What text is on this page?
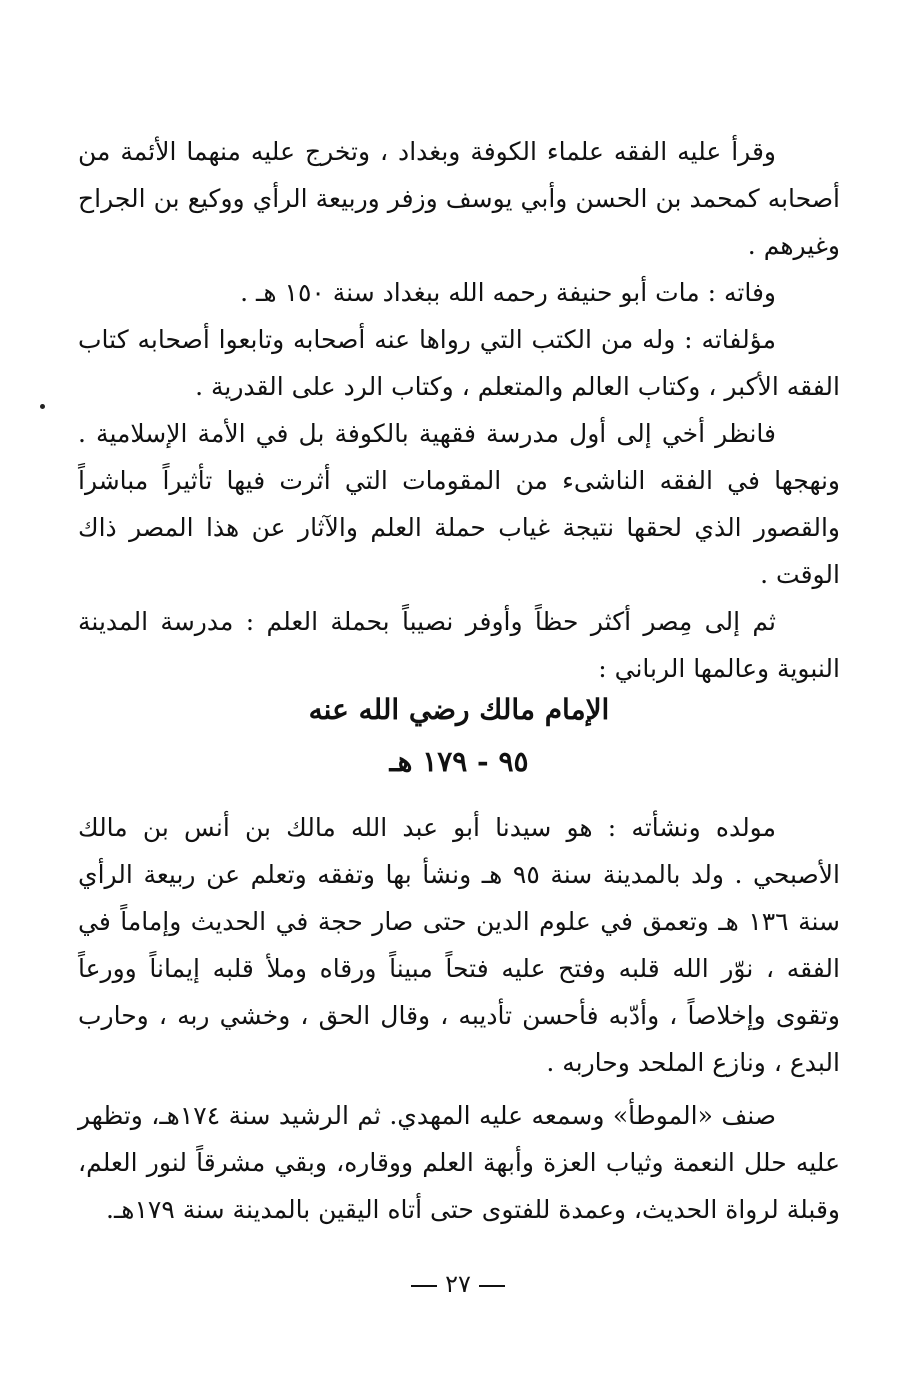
وقرأ عليه الفقه علماء الكوفة وبغداد ، وتخرج عليه منهما الأئمة من أصحابه كمحمد بن الحسن وأبي يوسف وزفر وربيعة الرأي ووكيع بن الجراح وغيرهم .

وفاته : مات أبو حنيفة رحمه الله ببغداد سنة ١٥٠ هـ .

مؤلفاته : وله من الكتب التي رواها عنه أصحابه وتابعوا أصحابه كتاب الفقه الأكبر ، وكتاب العالم والمتعلم ، وكتاب الرد على القدرية .

فانظر أخي إلى أول مدرسة فقهية بالكوفة بل في الأمة الإسلامية . ونهجها في الفقه الناشىء من المقومات التي أثرت فيها تأثيراً مباشراً والقصور الذي لحقها نتيجة غياب حملة العلم والآثار عن هذا المصر ذاك الوقت .

ثم إلى مِصر أكثر حظاً وأوفر نصيباً بحملة العلم : مدرسة المدينة النبوية وعالمها الرباني :

الإمام مالك رضي الله عنه
٩٥ - ١٧٩ هـ

مولده ونشأته : هو سيدنا أبو عبد الله مالك بن أنس بن مالك الأصبحي . ولد بالمدينة سنة ٩٥ هـ ونشأ بها وتفقه وتعلم عن ربيعة الرأي سنة ١٣٦ هـ وتعمق في علوم الدين حتى صار حجة في الحديث وإماماً في الفقه ، نوّر الله قلبه وفتح عليه فتحاً مبيناً ورقاه وملأ قلبه إيماناً وورعاً وتقوى وإخلاصاً ، وأدّبه فأحسن تأديبه ، وقال الحق ، وخشي ربه ، وحارب البدع ، ونازع الملحد وحاربه .

صنف «الموطأ» وسمعه عليه المهدي. ثم الرشيد سنة ١٧٤هـ، وتظهر عليه حلل النعمة وثياب العزة وأبهة العلم ووقاره، وبقي مشرقاً لنور العلم، وقبلة لرواة الحديث، وعمدة للفتوى حتى أتاه اليقين بالمدينة سنة ١٧٩هـ.

٢٧
